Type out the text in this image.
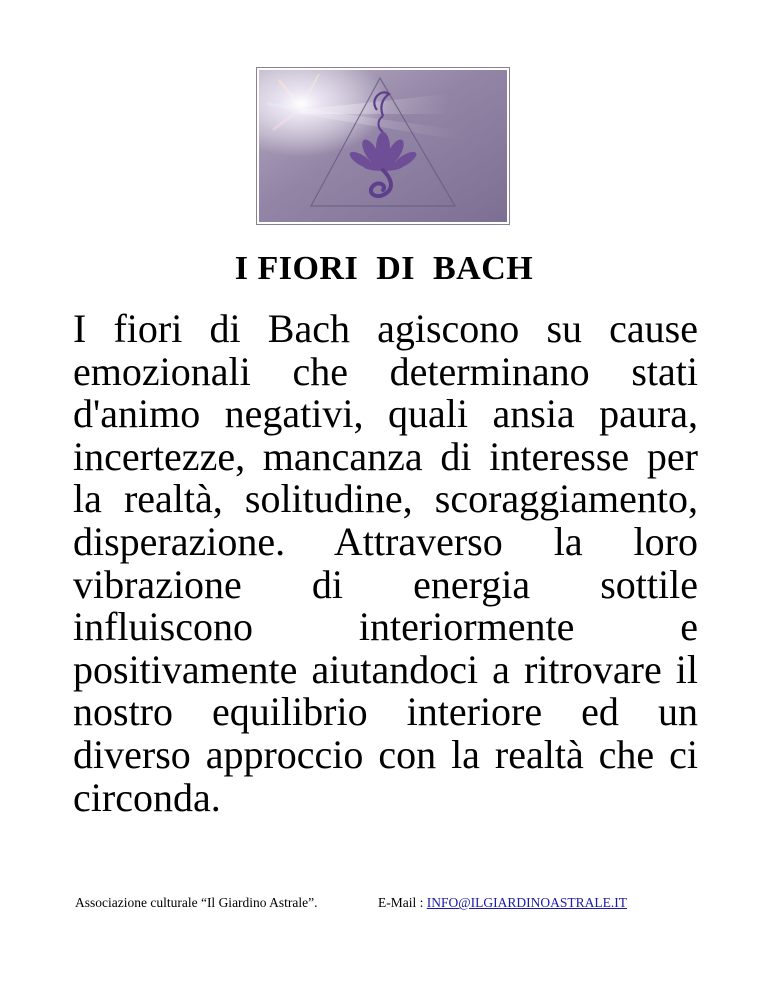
I FIORI  DI  BACH

I fiori di Bach agiscono su cause emozionali che determinano stati d'animo negativi, quali ansia paura, incertezze, mancanza di interesse per la realtà, solitudine, scoraggiamento, disperazione. Attraverso la loro vibrazione di energia sottile influiscono interiormente e positivamente aiutandoci a ritrovare il nostro equilibrio interiore ed un diverso approccio con la realtà che ci circonda.

Associazione culturale “Il Giardino Astrale”.	E-Mail : INFO@ILGIARDINOASTRALE.IT
